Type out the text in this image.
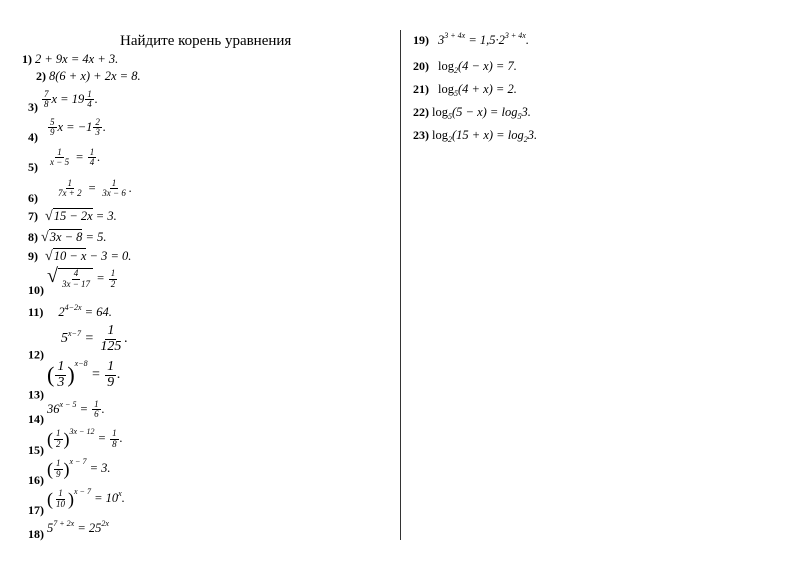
Найдите корень уравнения
1) 2 + 9x = 4x + 3.
2) 8(6 + x) + 2x = 8.
$3) \frac{7}{8}$ $x = 19 \frac{1}{4}$ .
$4) \frac{5}{9}$ $x = -1 \frac{2}{3}$ .
$5) \frac{1}{x - 5} = \frac{1}{4}$ .
$6) \frac{1}{7x + 2} = \frac{1}{3x - 6}$ .
7) √15 − 2x = 3.
8) √3x − 8 = 5.
9) √10 − x − 3 = 0.
10) √ $\frac{4}{3x - 17} = \frac{1}{2}$
11) $2^{4-2x} = 64$.
12) $5^{x-7} = \frac{1}{125}$ .
13) ( $\frac{1}{3} )^{x-8} = \frac{1}{9}$ .
14) $36^{x - 5} = \frac{1}{6}$ .
15) ( $\frac{1}{2} )^{3x - 12} = \frac{1}{8}$ .
16) ( $\frac{1}{9} )^{x - 7} = 3$.
17) ( $\frac{1}{10} )^{x - 7} = 10^x$.
18) $5^{7 + 2x} = 25^{2x}$
19) $3^{3 + 4x} = 1,5\cdot 2^{3 + 4x}$.
20) $\log_2(4 - x) = 7$.
21) $\log_5(4 + x) = 2$.
22) $\log_5(5 - x) = \log_53$.
23) $\log_2(15 + x) = \log_23$.
